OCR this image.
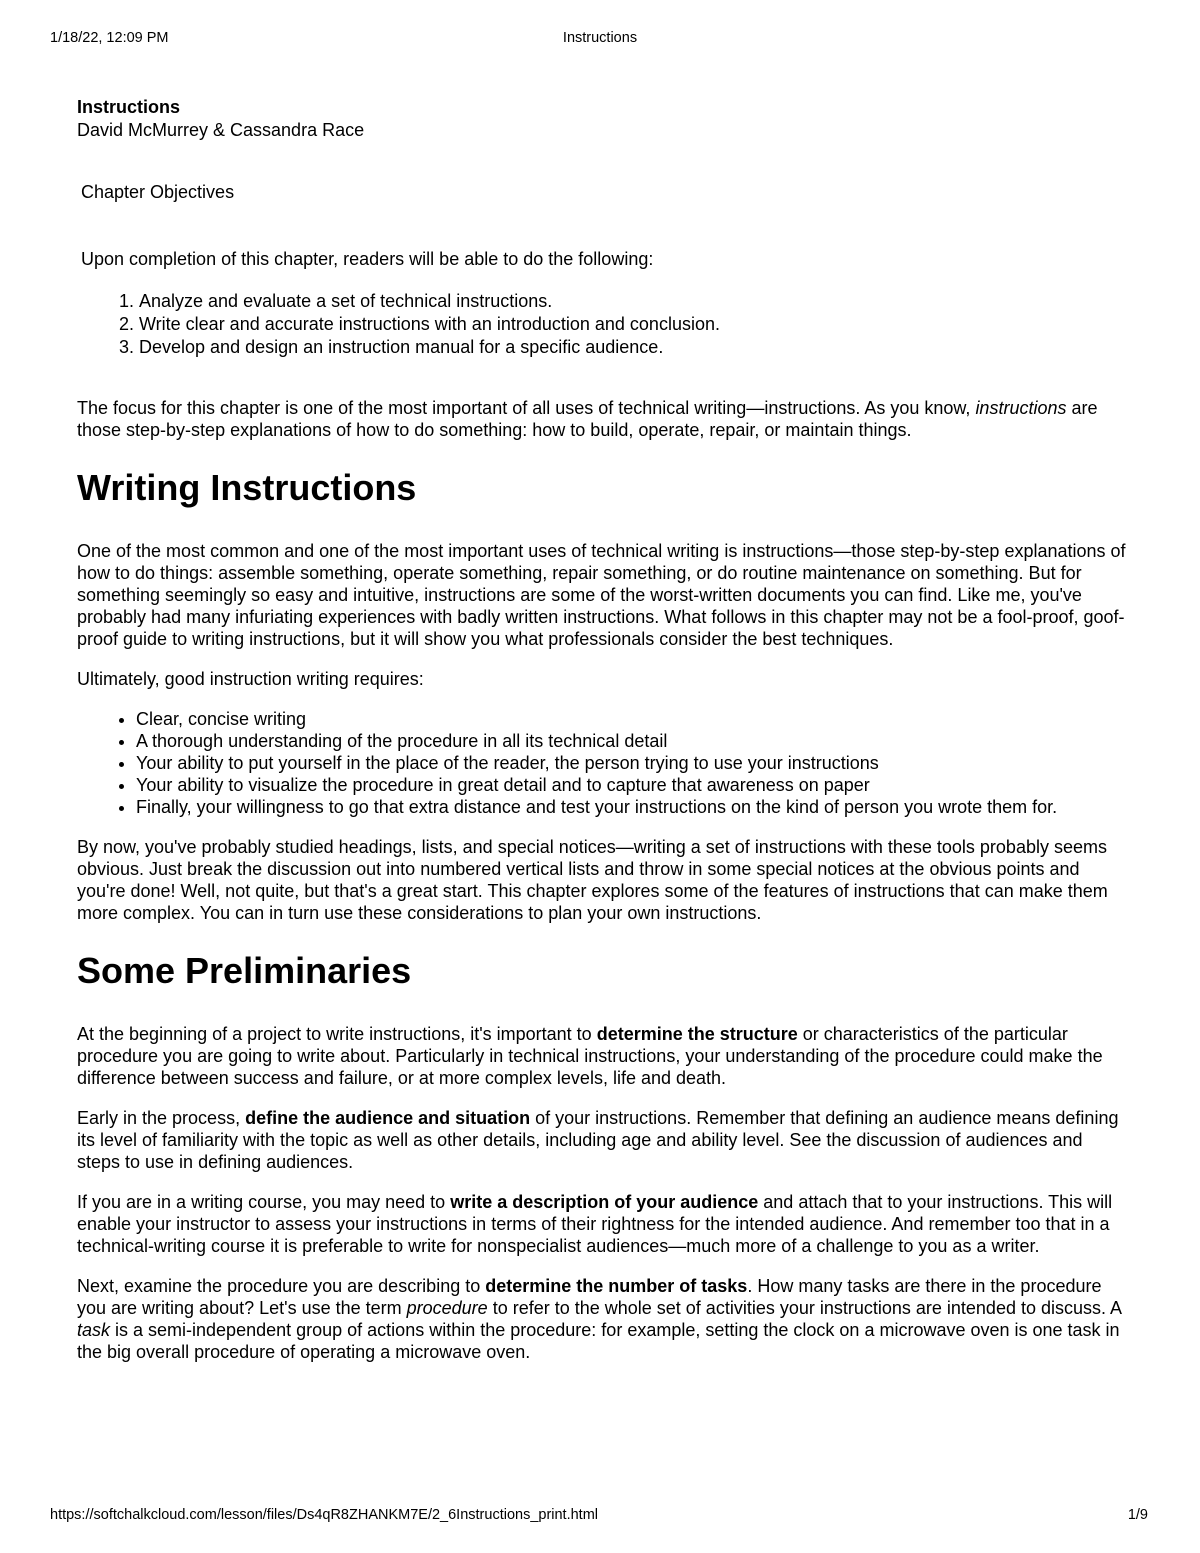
1/18/22, 12:09 PM	Instructions

Instructions

David McMurrey & Cassandra Race

Chapter Objectives

Upon completion of this chapter, readers will be able to do the following:

1. Analyze and evaluate a set of technical instructions.
2. Write clear and accurate instructions with an introduction and conclusion.
3. Develop and design an instruction manual for a specific audience.

The focus for this chapter is one of the most important of all uses of technical writing—instructions. As you know, instructions are those step-by-step explanations of how to do something: how to build, operate, repair, or maintain things.

Writing Instructions

One of the most common and one of the most important uses of technical writing is instructions—those step-by-step explanations of how to do things: assemble something, operate something, repair something, or do routine maintenance on something. But for something seemingly so easy and intuitive, instructions are some of the worst-written documents you can find. Like me, you've probably had many infuriating experiences with badly written instructions. What follows in this chapter may not be a fool-proof, goof-proof guide to writing instructions, but it will show you what professionals consider the best techniques.

Ultimately, good instruction writing requires:

• Clear, concise writing
• A thorough understanding of the procedure in all its technical detail
• Your ability to put yourself in the place of the reader, the person trying to use your instructions
• Your ability to visualize the procedure in great detail and to capture that awareness on paper
• Finally, your willingness to go that extra distance and test your instructions on the kind of person you wrote them for.

By now, you've probably studied headings, lists, and special notices—writing a set of instructions with these tools probably seems obvious. Just break the discussion out into numbered vertical lists and throw in some special notices at the obvious points and you're done! Well, not quite, but that's a great start. This chapter explores some of the features of instructions that can make them more complex. You can in turn use these considerations to plan your own instructions.

Some Preliminaries

At the beginning of a project to write instructions, it's important to determine the structure or characteristics of the particular procedure you are going to write about. Particularly in technical instructions, your understanding of the procedure could make the difference between success and failure, or at more complex levels, life and death.

Early in the process, define the audience and situation of your instructions. Remember that defining an audience means defining its level of familiarity with the topic as well as other details, including age and ability level. See the discussion of audiences and steps to use in defining audiences.

If you are in a writing course, you may need to write a description of your audience and attach that to your instructions. This will enable your instructor to assess your instructions in terms of their rightness for the intended audience. And remember too that in a technical-writing course it is preferable to write for nonspecialist audiences—much more of a challenge to you as a writer.

Next, examine the procedure you are describing to determine the number of tasks. How many tasks are there in the procedure you are writing about? Let's use the term procedure to refer to the whole set of activities your instructions are intended to discuss. A task is a semi-independent group of actions within the procedure: for example, setting the clock on a microwave oven is one task in the big overall procedure of operating a microwave oven.

https://softchalkcloud.com/lesson/files/Ds4qR8ZHANKM7E/2_6Instructions_print.html	1/9
